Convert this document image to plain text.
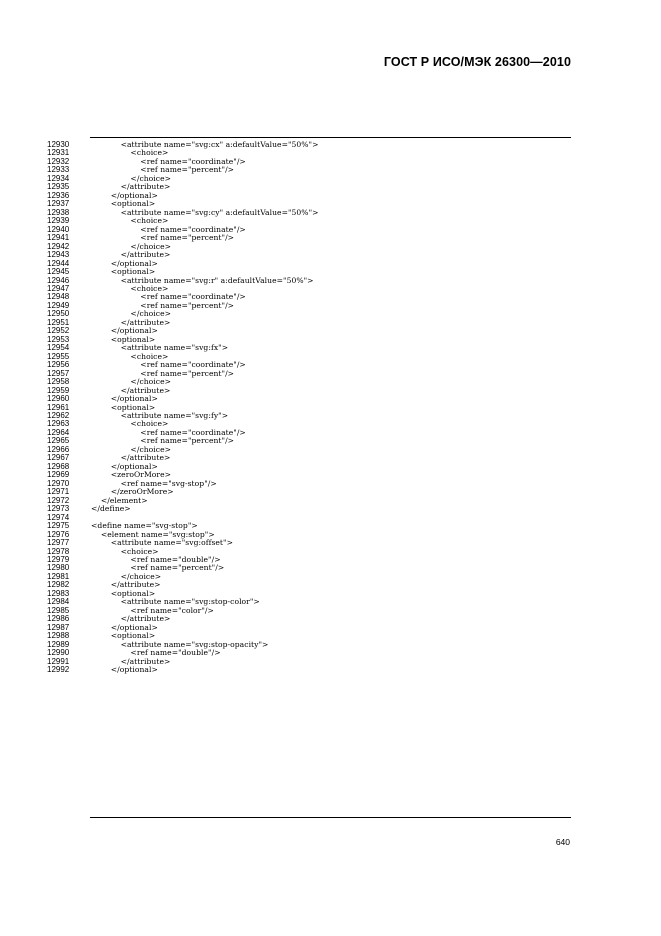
ГОСТ Р ИСО/МЭК 26300—2010
12930	<attribute name="svg:cx" a:defaultValue="50%">
12931	<choice>
12932	<ref name="coordinate"/>
12933	<ref name="percent"/>
12934	</choice>
12935	</attribute>
12936	</optional>
12937	<optional>
12938	<attribute name="svg:cy" a:defaultValue="50%">
12939	<choice>
12940	<ref name="coordinate"/>
12941	<ref name="percent"/>
12942	</choice>
12943	</attribute>
12944	</optional>
12945	<optional>
12946	<attribute name="svg:r" a:defaultValue="50%">
12947	<choice>
12948	<ref name="coordinate"/>
12949	<ref name="percent"/>
12950	</choice>
12951	</attribute>
12952	</optional>
12953	<optional>
12954	<attribute name="svg:fx">
12955	<choice>
12956	<ref name="coordinate"/>
12957	<ref name="percent"/>
12958	</choice>
12959	</attribute>
12960	</optional>
12961	<optional>
12962	<attribute name="svg:fy">
12963	<choice>
12964	<ref name="coordinate"/>
12965	<ref name="percent"/>
12966	</choice>
12967	</attribute>
12968	</optional>
12969	<zeroOrMore>
12970	<ref name="svg-stop"/>
12971	</zeroOrMore>
12972	</element>
12973	</define>
12974
12975	<define name="svg-stop">
12976	<element name="svg:stop">
12977	<attribute name="svg:offset">
12978	<choice>
12979	<ref name="double"/>
12980	<ref name="percent"/>
12981	</choice>
12982	</attribute>
12983	<optional>
12984	<attribute name="svg:stop-color">
12985	<ref name="color"/>
12986	</attribute>
12987	</optional>
12988	<optional>
12989	<attribute name="svg:stop-opacity">
12990	<ref name="double"/>
12991	</attribute>
12992	</optional>
640
